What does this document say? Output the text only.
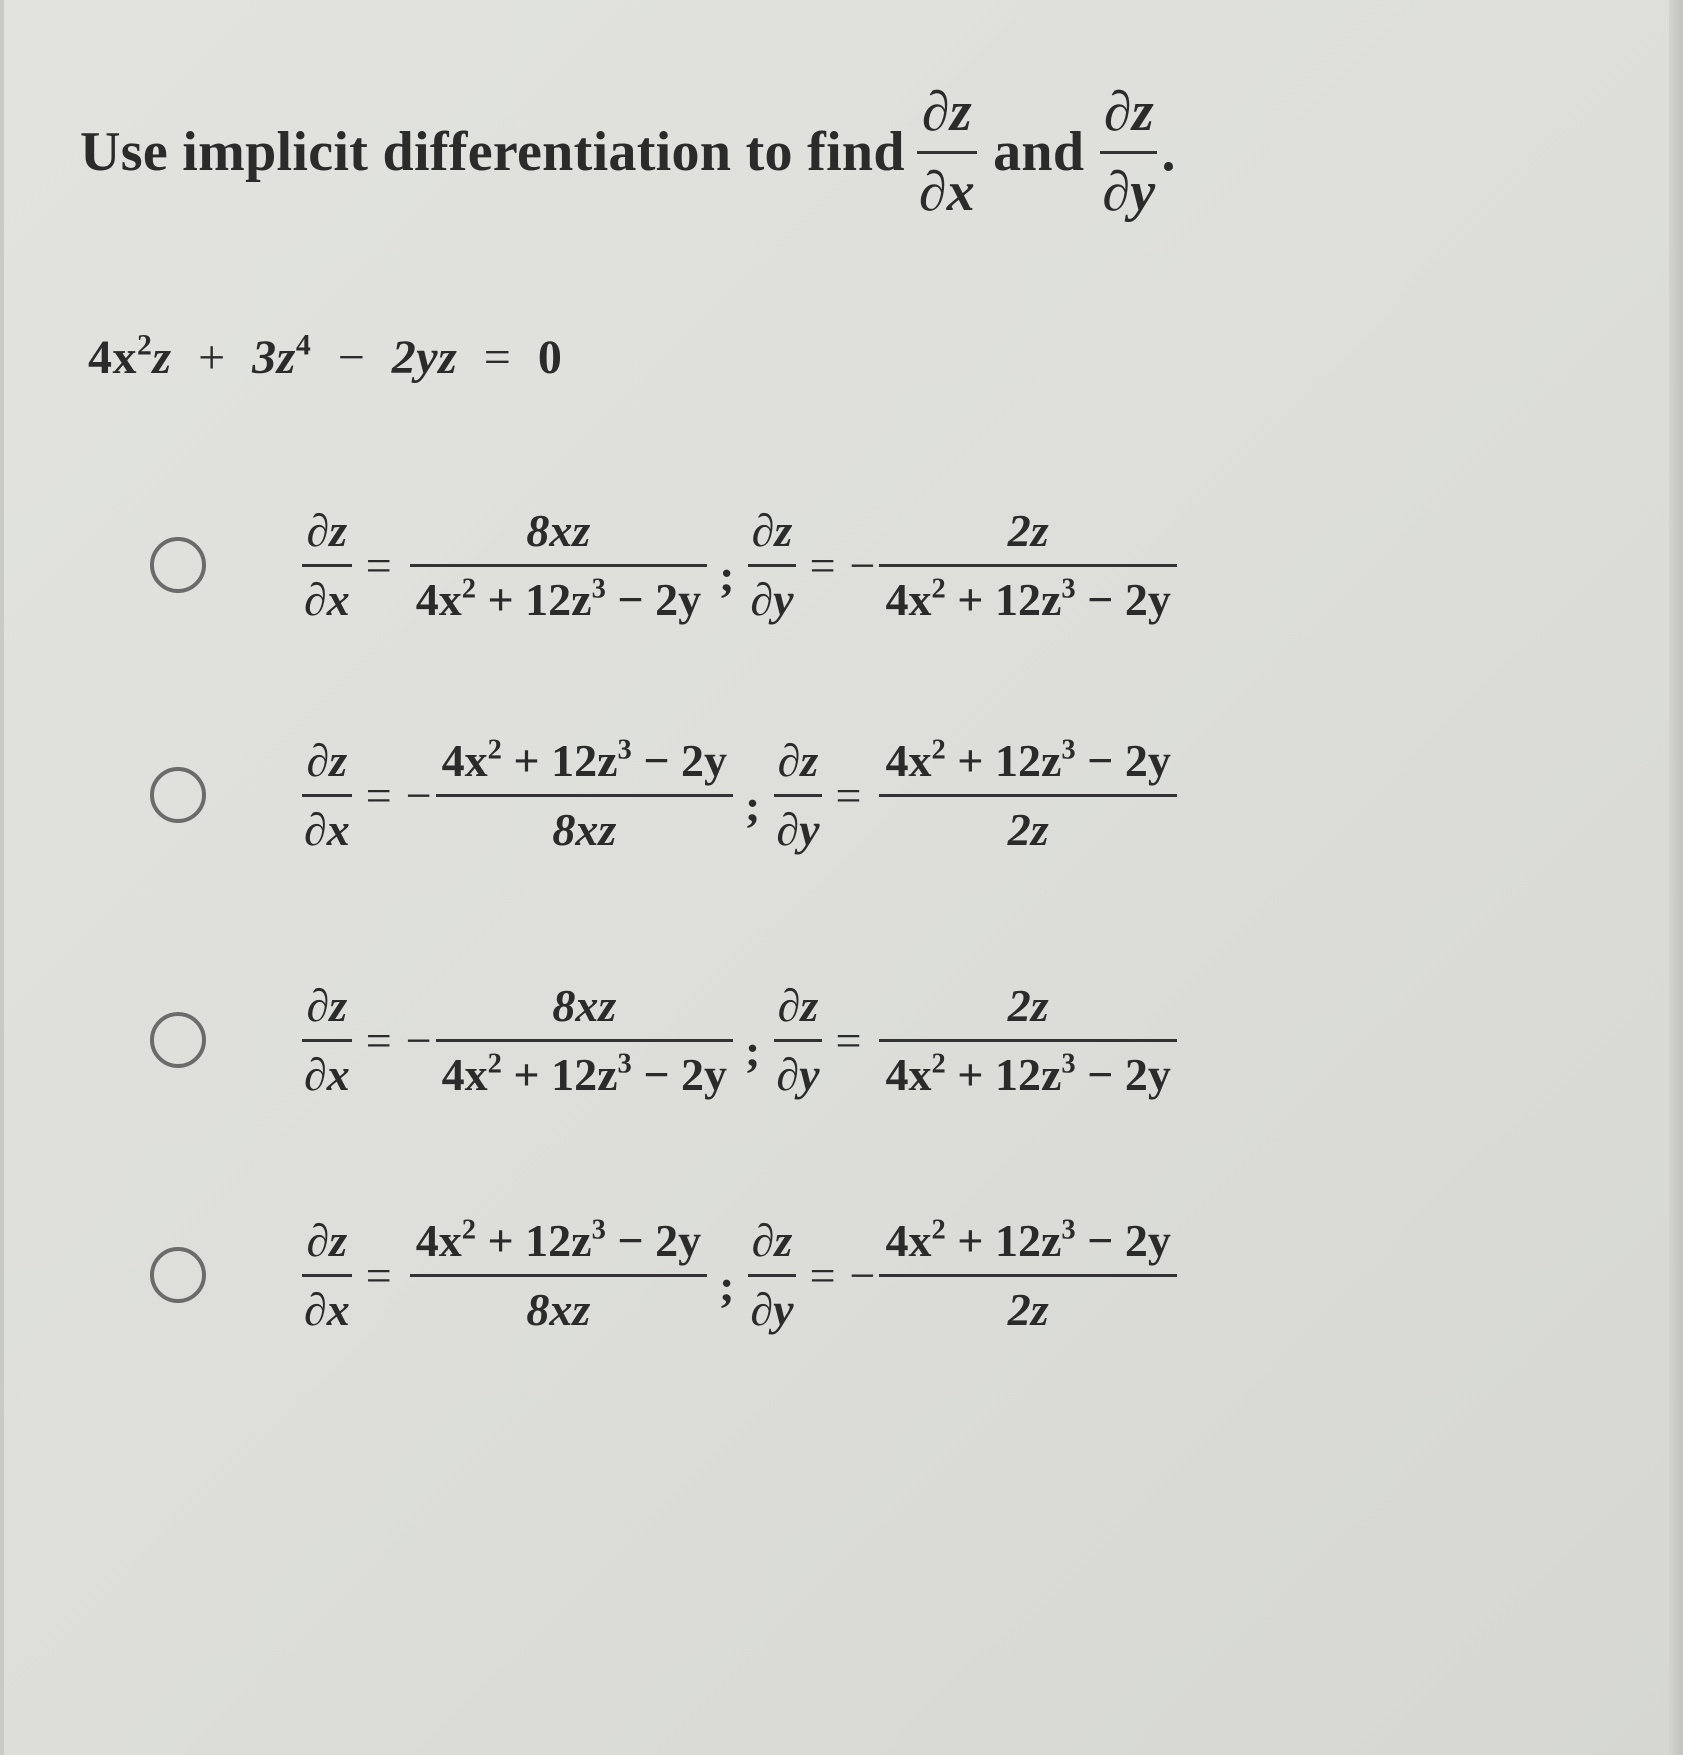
Use implicit differentiation to find $\frac{\partial z}{\partial x}$ and $\frac{\partial z}{\partial y}$ .
$4x^2z + 3z^4 - 2yz = 0$
$\frac{\partial z}{\partial x} = \frac{8xz}{4x^2 + 12z^3 - 2y}$ ; $\frac{\partial z}{\partial y}$ = − $\frac{2z}{4x^2 + 12z^3 - 2y}$
$\frac{\partial z}{\partial x}$ = − $\frac{4x^2 + 12z^3 - 2y}{8xz}$ ; $\frac{\partial z}{\partial y} = \frac{4x^2 + 12z^3 - 2y}{2z}$
$\frac{\partial z}{\partial x}$ = − $\frac{8xz}{4x^2 + 12z^3 - 2y}$ ; $\frac{\partial z}{\partial y} = \frac{2z}{4x^2 + 12z^3 - 2y}$
$\frac{\partial z}{\partial x} = \frac{4x^2 + 12z^3 - 2y}{8xz}$ ; $\frac{\partial z}{\partial y}$ = − $\frac{4x^2 + 12z^3 - 2y}{2z}$
